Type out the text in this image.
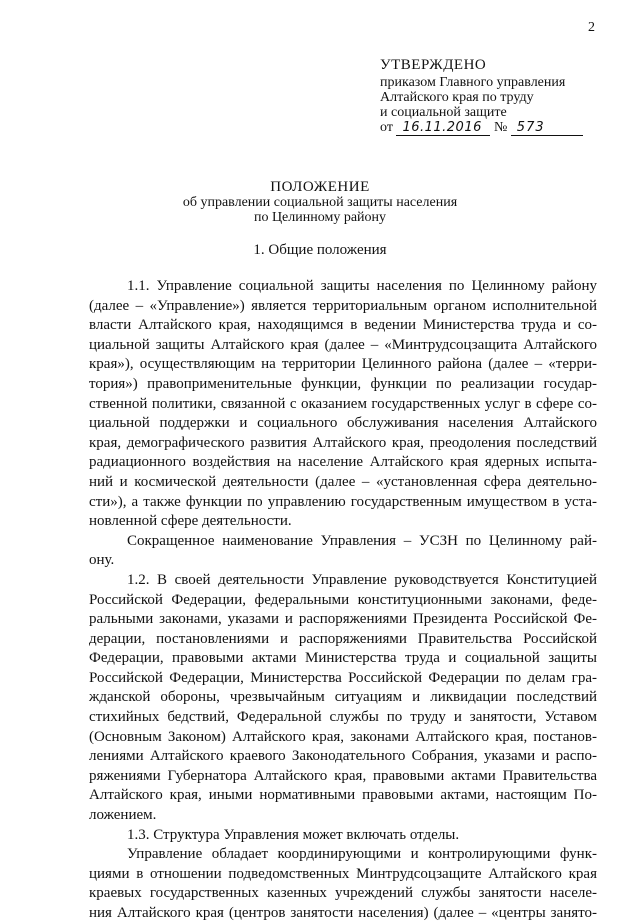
2
УТВЕРЖДЕНО
приказом Главного управления
Алтайского края по труду
и социальной защите
от 16.11.2016 № 573
ПОЛОЖЕНИЕ
об управлении социальной защиты населения
по Целинному району
1. Общие положения
1.1. Управление социальной защиты населения по Целинному району
(далее – «Управление») является территориальным органом исполнительной
власти Алтайского края, находящимся в ведении Министерства труда и со-
циальной защиты Алтайского края (далее – «Минтрудсоцзащита Алтайского
края»), осуществляющим на территории Целинного района (далее – «терри-
тория») правоприменительные функции, функции по реализации государ-
ственной политики, связанной с оказанием государственных услуг в сфере со-
циальной поддержки и социального обслуживания населения Алтайского
края, демографического развития Алтайского края, преодоления последствий
радиационного воздействия на население Алтайского края ядерных испыта-
ний и космической деятельности (далее – «установленная сфера деятельно-
сти»), а также функции по управлению государственным имуществом в уста-
новленной сфере деятельности.
Сокращенное наименование Управления – УСЗН по Целинному рай-
ону.
1.2. В своей деятельности Управление руководствуется Конституцией
Российской Федерации, федеральными конституционными законами, феде-
ральными законами, указами и распоряжениями Президента Российской Фе-
дерации, постановлениями и распоряжениями Правительства Российской
Федерации, правовыми актами Министерства труда и социальной защиты
Российской Федерации, Министерства Российской Федерации по делам гра-
жданской обороны, чрезвычайным ситуациям и ликвидации последствий
стихийных бедствий, Федеральной службы по труду и занятости, Уставом
(Основным Законом) Алтайского края, законами Алтайского края, постанов-
лениями Алтайского краевого Законодательного Собрания, указами и распо-
ряжениями Губернатора Алтайского края, правовыми актами Правительства
Алтайского края, иными нормативными правовыми актами, настоящим По-
ложением.
1.3. Структура Управления может включать отделы.
Управление обладает координирующими и контролирующими функ-
циями в отношении подведомственных Минтрудсоцзащите Алтайского края
краевых государственных казенных учреждений службы занятости населе-
ния Алтайского края (центров занятости населения) (далее – «центры занято-
